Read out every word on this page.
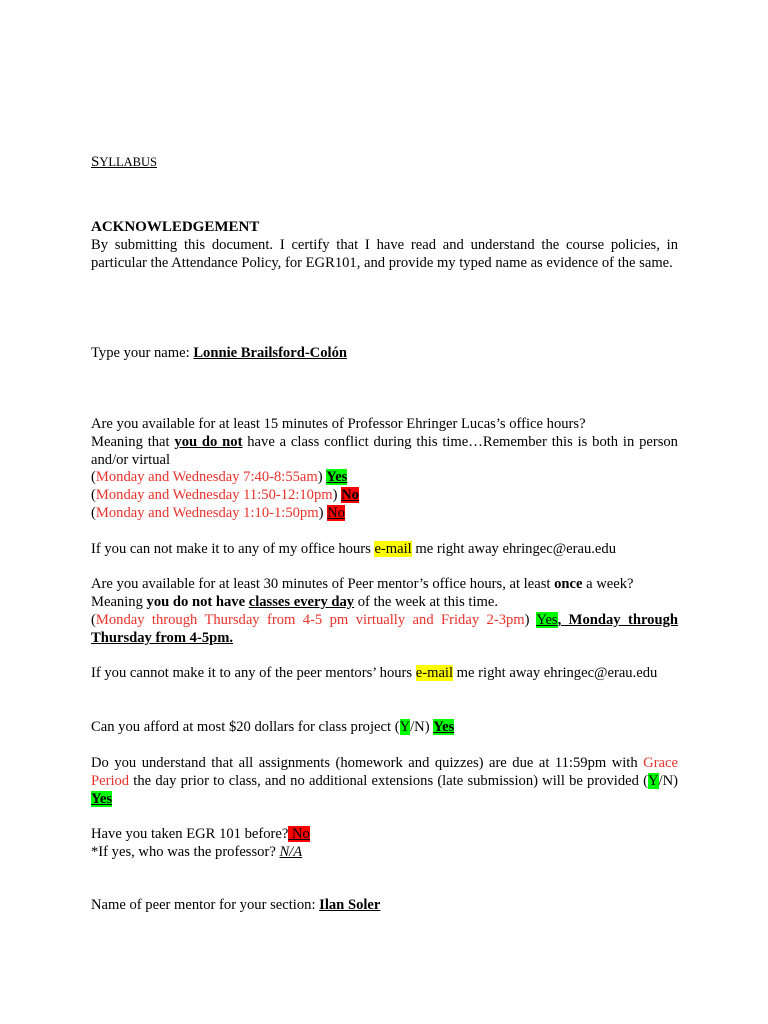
SYLLABUS
ACKNOWLEDGEMENT
By submitting this document. I certify that I have read and understand the course policies, in particular the Attendance Policy, for EGR101, and provide my typed name as evidence of the same.
Type your name: Lonnie Brailsford-Colón
Are you available for at least 15 minutes of Professor Ehringer Lucas’s office hours?
Meaning that you do not have a class conflict during this time…Remember this is both in person and/or virtual
(Monday and Wednesday 7:40-8:55am) Yes
(Monday and Wednesday 11:50-12:10pm) No
(Monday and Wednesday 1:10-1:50pm) No
If you can not make it to any of my office hours e-mail me right away ehringec@erau.edu
Are you available for at least 30 minutes of Peer mentor’s office hours, at least once a week?
Meaning you do not have classes every day of the week at this time.
(Monday through Thursday from 4-5 pm virtually and Friday 2-3pm) Yes, Monday through Thursday from 4-5pm.
If you cannot make it to any of the peer mentors’ hours e-mail me right away ehringec@erau.edu
Can you afford at most $20 dollars for class project (Y/N) Yes
Do you understand that all assignments (homework and quizzes) are due at 11:59pm with Grace Period the day prior to class, and no additional extensions (late submission) will be provided (Y/N) Yes
Have you taken EGR 101 before? No
*If yes, who was the professor? N/A
Name of peer mentor for your section: Ilan Soler
